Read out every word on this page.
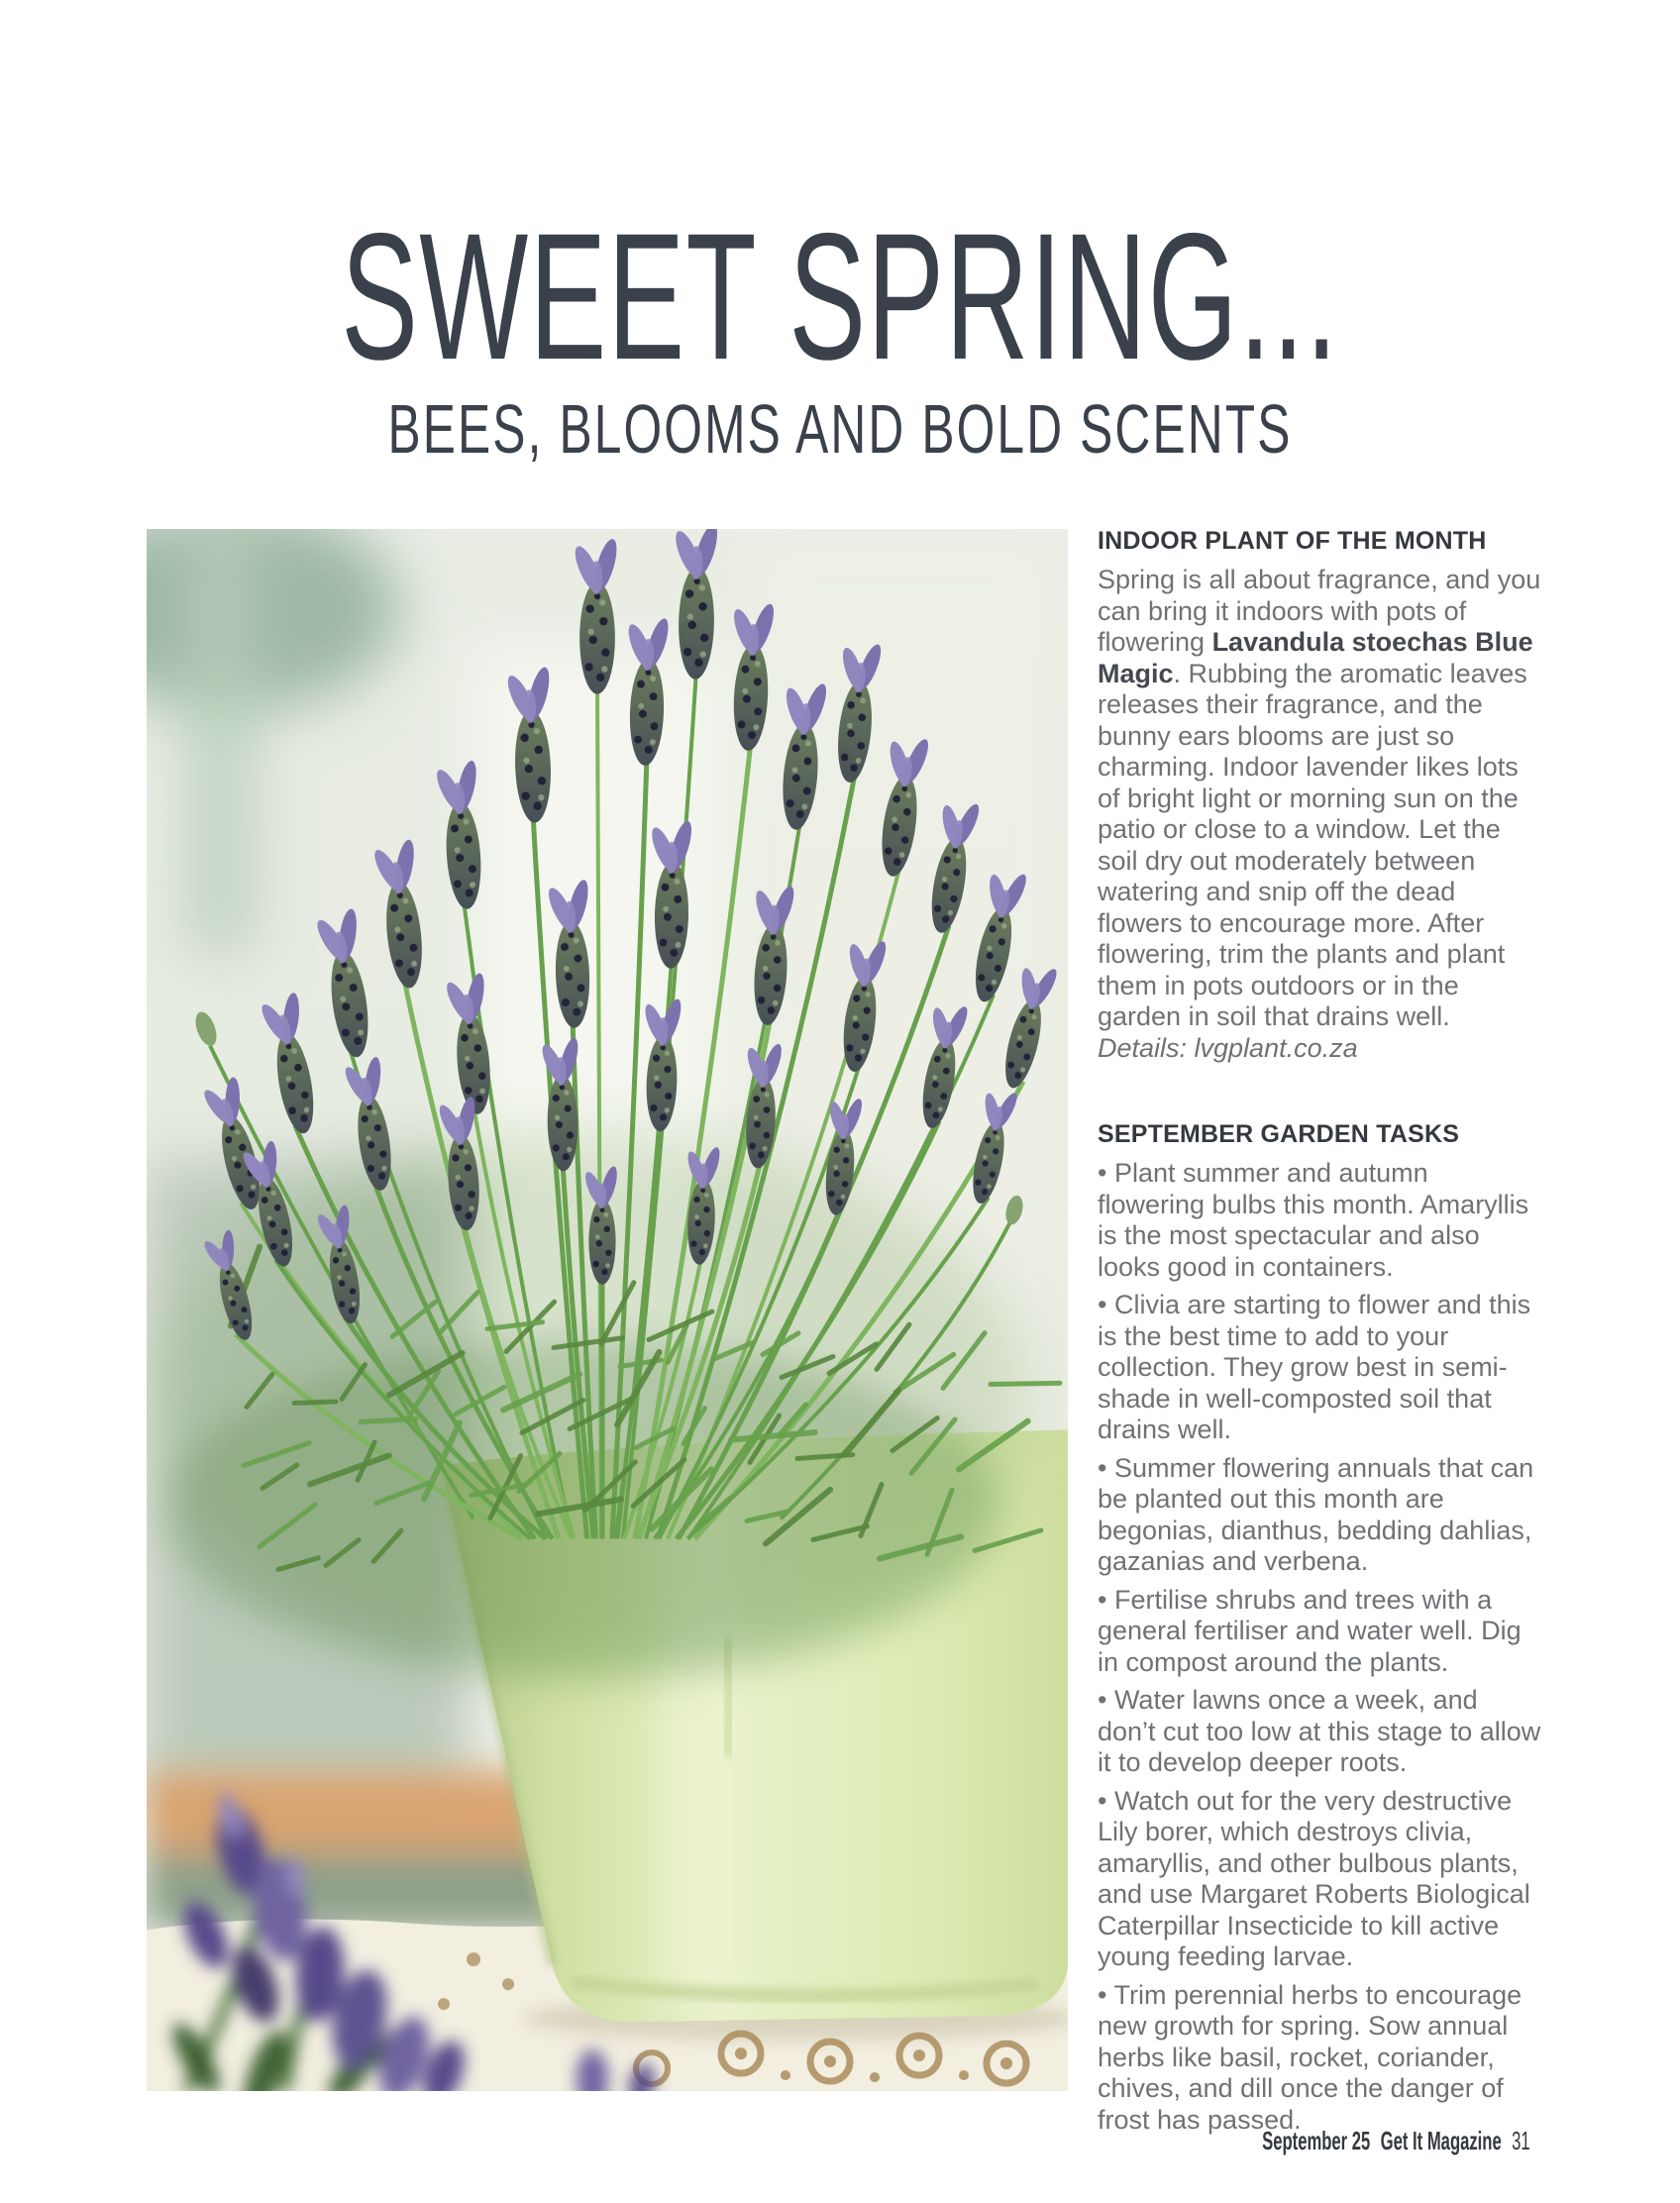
SWEET SPRING...
BEES, BLOOMS AND BOLD SCENTS
INDOOR PLANT OF THE MONTH

Spring is all about fragrance, and you can bring it indoors with pots of flowering Lavandula stoechas Blue Magic. Rubbing the aromatic leaves releases their fragrance, and the bunny ears blooms are just so charming. Indoor lavender likes lots of bright light or morning sun on the patio or close to a window. Let the soil dry out moderately between watering and snip off the dead flowers to encourage more. After flowering, trim the plants and plant them in pots outdoors or in the garden in soil that drains well. Details: lvgplant.co.za

SEPTEMBER GARDEN TASKS

• Plant summer and autumn flowering bulbs this month. Amaryllis is the most spectacular and also looks good in containers.

• Clivia are starting to flower and this is the best time to add to your collection. They grow best in semi-shade in well-composted soil that drains well.

• Summer flowering annuals that can be planted out this month are begonias, dianthus, bedding dahlias, gazanias and verbena.

• Fertilise shrubs and trees with a general fertiliser and water well. Dig in compost around the plants.

• Water lawns once a week, and don’t cut too low at this stage to allow it to develop deeper roots.

• Watch out for the very destructive Lily borer, which destroys clivia, amaryllis, and other bulbous plants, and use Margaret Roberts Biological Caterpillar Insecticide to kill active young feeding larvae.

• Trim perennial herbs to encourage new growth for spring. Sow annual herbs like basil, rocket, coriander, chives, and dill once the danger of frost has passed.

September 25 Get It Magazine 31
